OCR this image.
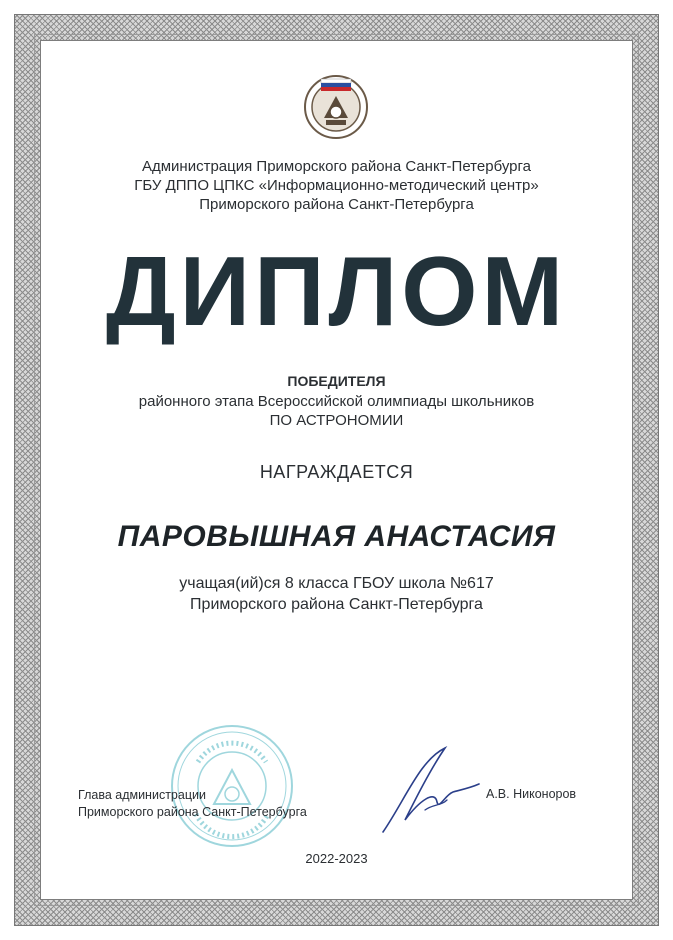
Администрация Приморского района Санкт-Петербурга
ГБУ ДППО ЦПКС «Информационно-методический центр»
Приморского района Санкт-Петербурга
ДИПЛОМ
ПОБЕДИТЕЛЯ
районного этапа Всероссийской олимпиады школьников
ПО АСТРОНОМИИ
НАГРАЖДАЕТСЯ
ПАРОВЫШНАЯ АНАСТАСИЯ
учащая(ий)ся 8 класса ГБОУ школа №617
Приморского района Санкт-Петербурга
Глава администрации
Приморского района Санкт-Петербурга
А.В. Никоноров
2022-2023
